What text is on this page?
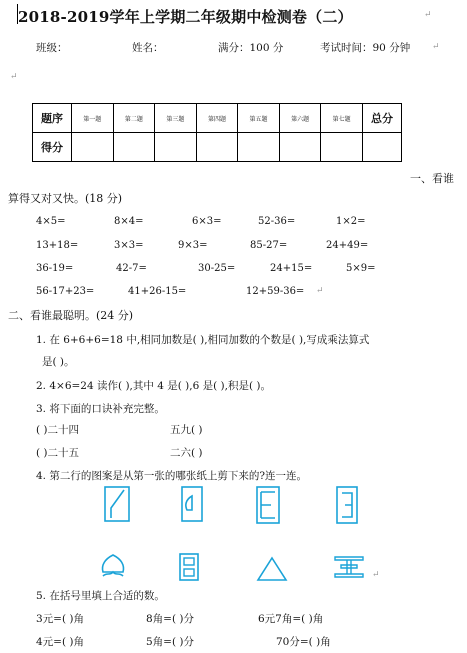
2018-2019学年上学期二年级期中检测卷（二）	↵
班级：	姓名：	满分：100 分	考试时间：90 分钟 ↵
↵
题序	第一题	第二题	第三题	第四题	第五题	第六题	第七题	总分
得分								
一、看谁
算得又对又快。(18 分)
4×5=	8×4=	6×3=	52-36=	1×2=
13+18=	3×3=	9×3=	85-27=	24+49=
36-19=	42-7=	30-25=	24+15=	5×9=
56-17+23=	41+26-15=	12+59-36= ↵
二、看谁最聪明。(24 分)
1. 在 6+6+6=18 中,相同加数是( ),相同加数的个数是( ),写成乘法算式
是( )。
2. 4×6=24 读作( ),其中 4 是( ),6 是( ),积是( )。
3. 将下面的口诀补充完整。
( )二十四	五九( )
( )二十五	二六( )
4. 第二行的图案是从第一张的哪张纸上剪下来的?连一连。
↵
5. 在括号里填上合适的数。
3元=( )角	8角=( )分	6元7角=( )角
4元=( )角	5角=( )分	70分=( )角
